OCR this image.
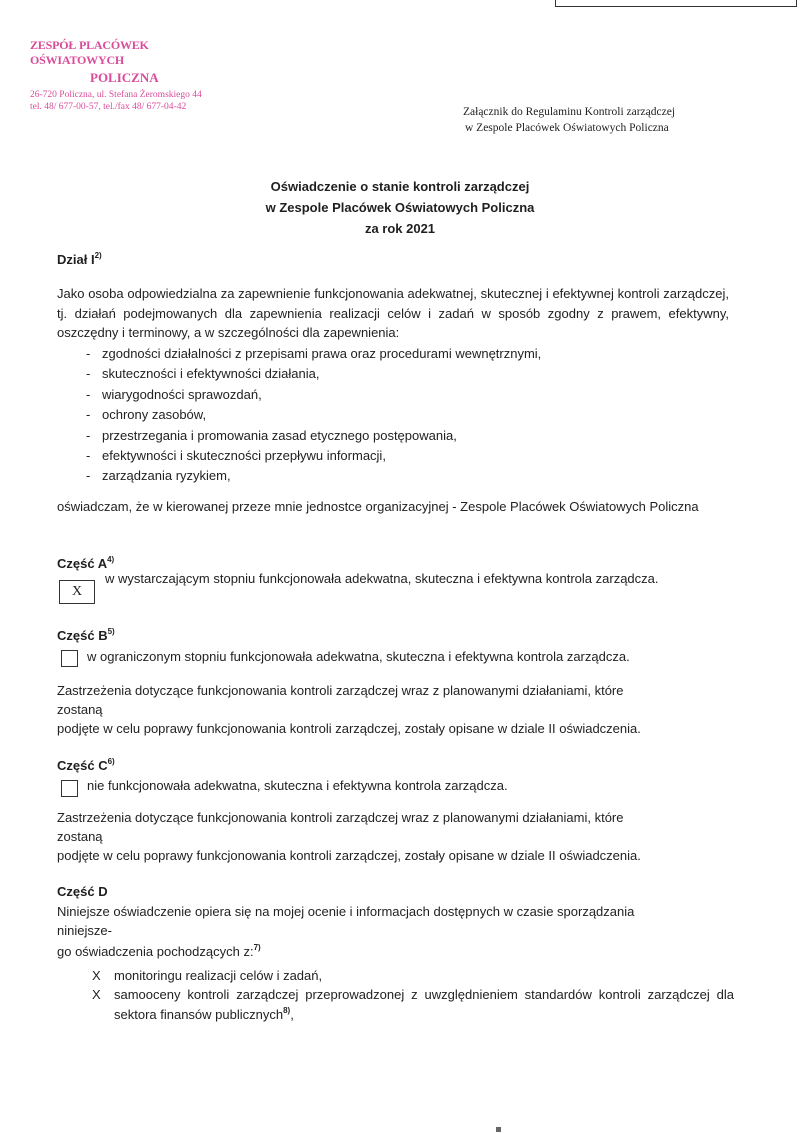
ZESPÓŁ PLACÓWEK OŚWIATOWYCH
POLICZNA
26-720 Policzna, ul. Stefana Żeromskiego 44
tel. 48/ 677-00-57, tel./fax 48/ 677-04-42	Załącznik do Regulaminu Kontroli zarządczej
w Zespole Placówek Oświatowych Policzna
Oświadczenie o stanie kontroli zarządczej
w Zespole Placówek Oświatowych Policzna
za rok 2021
Dział $I^{2)}$
Jako osoba odpowiedzialna za zapewnienie funkcjonowania adekwatnej, skutecznej i efektywnej kontroli zarządczej, tj. działań podejmowanych dla zapewnienia realizacji celów i zadań w sposób zgodny z prawem, efektywny, oszczędny i terminowy, a w szczególności dla zapewnienia:
- zgodności działalności z przepisami prawa oraz procedurami wewnętrznymi,
- skuteczności i efektywności działania,
- wiarygodności sprawozdań,
- ochrony zasobów,
- przestrzegania i promowania zasad etycznego postępowania,
- efektywności i skuteczności przepływu informacji,
- zarządzania ryzykiem,
oświadczam, że w kierowanej przeze mnie jednostce organizacyjnej - Zespole Placówek Oświatowych Policzna
Część $A^{4)}$
X
w wystarczającym stopniu funkcjonowała adekwatna, skuteczna i efektywna kontrola zarządcza.
Część $B^{5)}$
w ograniczonym stopniu funkcjonowała adekwatna, skuteczna i efektywna kontrola zarządcza.
Zastrzeżenia dotyczące funkcjonowania kontroli zarządczej wraz z planowanymi działaniami, które
zostaną
podjęte w celu poprawy funkcjonowania kontroli zarządczej, zostały opisane w dziale II oświadczenia.
Część $C^{6)}$
nie funkcjonowała adekwatna, skuteczna i efektywna kontrola zarządcza.
Zastrzeżenia dotyczące funkcjonowania kontroli zarządczej wraz z planowanymi działaniami, które
zostaną
podjęte w celu poprawy funkcjonowania kontroli zarządczej, zostały opisane w dziale II oświadczenia.
Część D
Niniejsze oświadczenie opiera się na mojej ocenie i informacjach dostępnych w czasie sporządzania
niniejsze-
go oświadczenia pochodzących z:$^{7)}$
X monitoringu realizacji celów i zadań,
X samooceny kontroli zarządczej przeprowadzonej z uwzględnieniem standardów kontroli zarządczej dla sektora finansów publicznych$^{8)}$,
